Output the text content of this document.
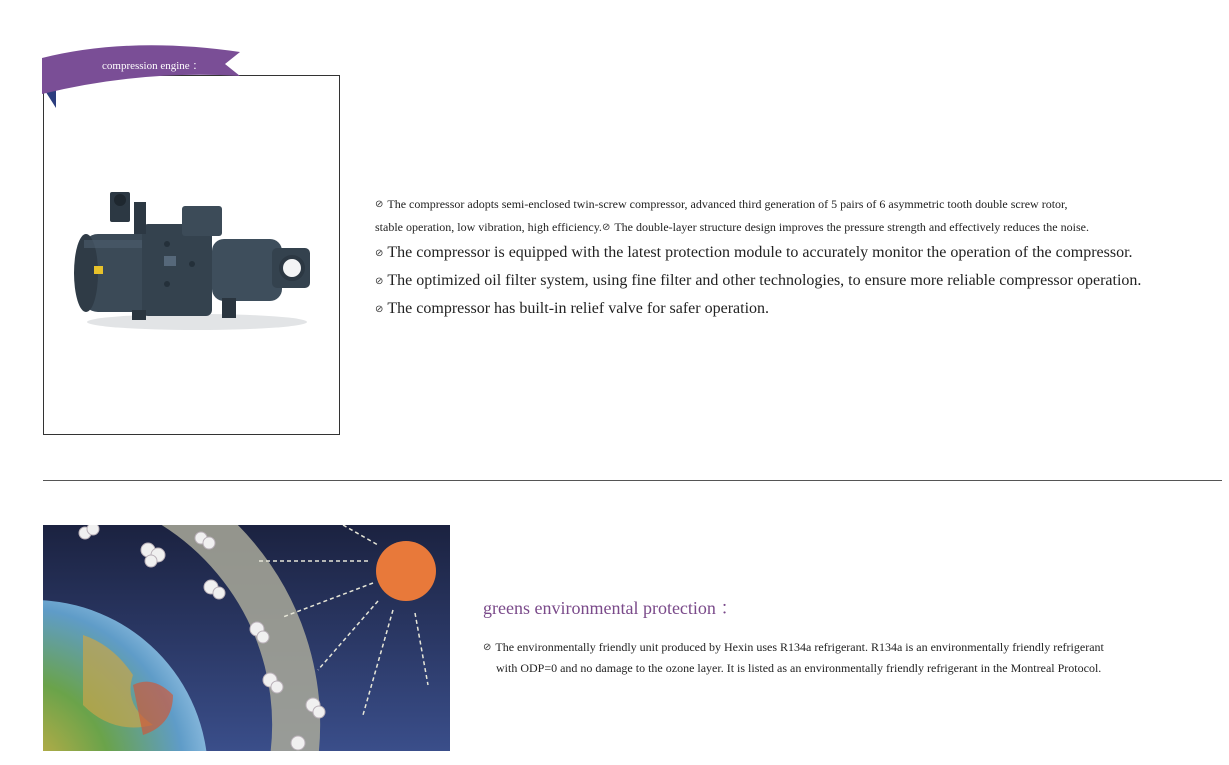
compression engine ：
⊘ The compressor adopts semi-enclosed twin-screw compressor, advanced third generation of 5 pairs of 6 asymmetric tooth double screw rotor,
stable operation, low vibration, high efficiency.⊘ The double-layer structure design improves the pressure strength and effectively reduces the noise.
⊘ The compressor is equipped with the latest protection module to accurately monitor the operation of the compressor.
⊘ The optimized oil filter system, using fine filter and other technologies, to ensure more reliable compressor operation.
⊘ The compressor has built-in relief valve for safer operation.
greens environmental protection ：
⊘ The environmentally friendly unit produced by Hexin uses R134a refrigerant. R134a is an environmentally friendly refrigerant
with ODP=0 and no damage to the ozone layer. It is listed as an environmentally friendly refrigerant in the Montreal Protocol.
